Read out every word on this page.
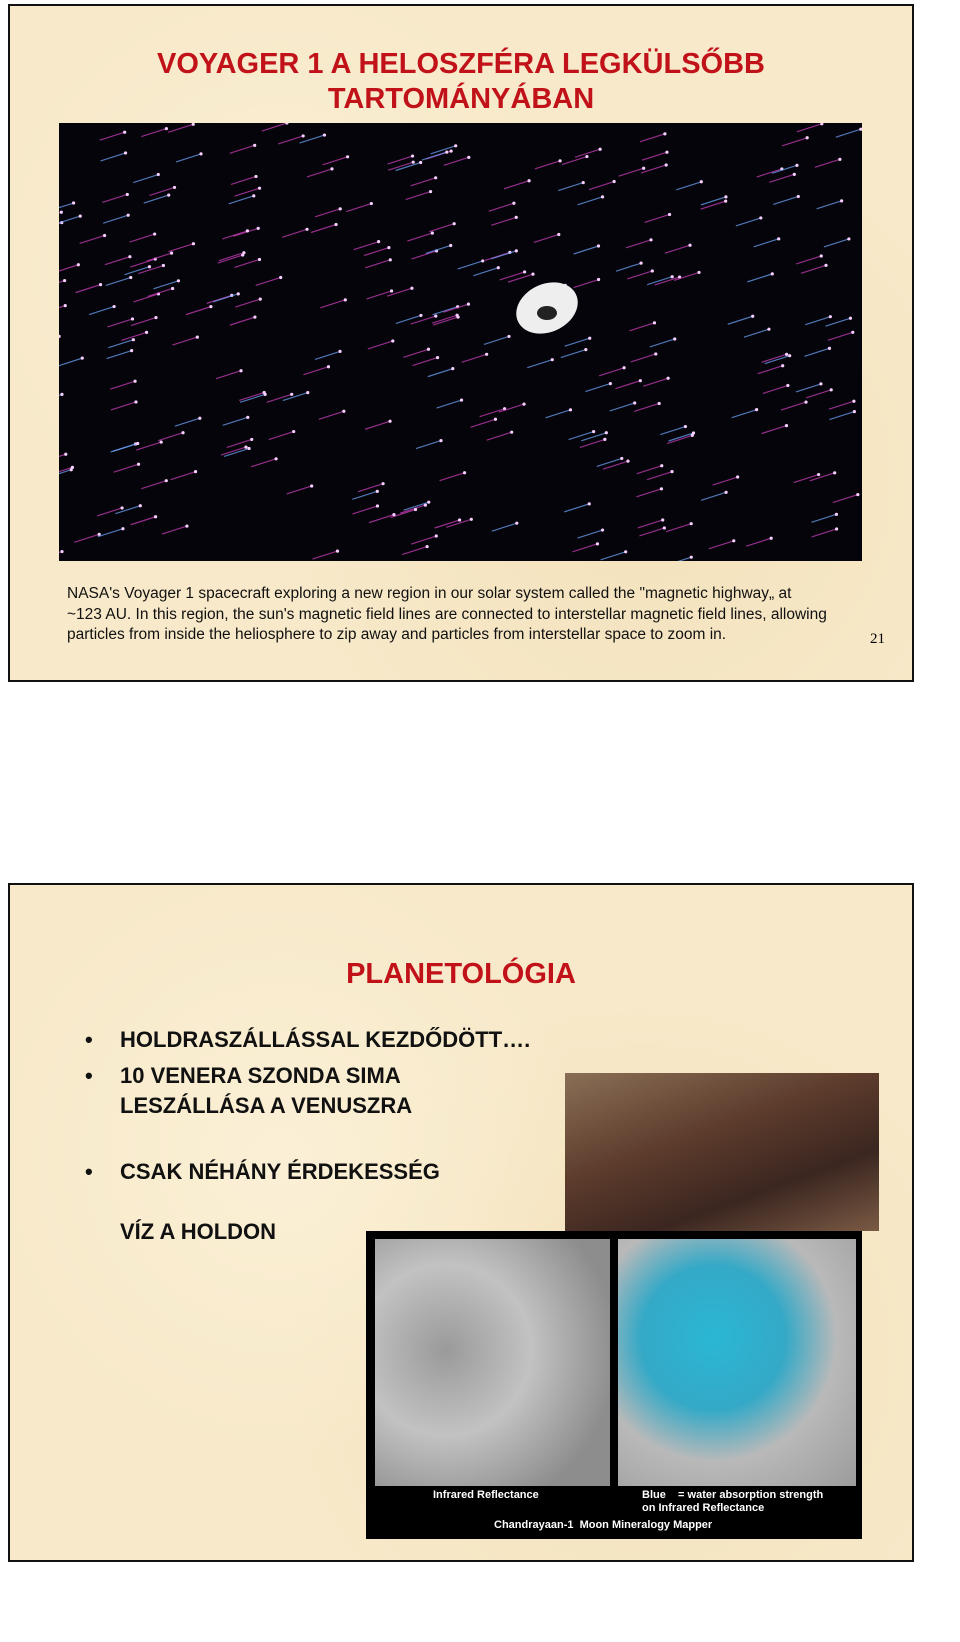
VOYAGER 1 A HELOSZFÉRA LEGKÜLSŐBB
TARTOMÁNYÁBAN
NASA's Voyager 1 spacecraft exploring a new region in our solar system called the "magnetic highway„ at ~123 AU. In this region, the sun's magnetic field lines are connected to interstellar magnetic field lines, allowing particles from inside the heliosphere to zip away and particles from interstellar space to zoom in.	21
PLANETOLÓGIA
• HOLDRASZÁLLÁSSAL KEZDŐDÖTT….
• 10 VENERA SZONDA SIMA
LESZÁLLÁSA A VENUSZRA
• CSAK NÉHÁNY ÉRDEKESSÉG
VÍZ A HOLDON
Infrared Reflectance	Blue    = water absorption strength
on Infrared Reflectance
Chandrayaan-1  Moon Mineralogy Mapper
